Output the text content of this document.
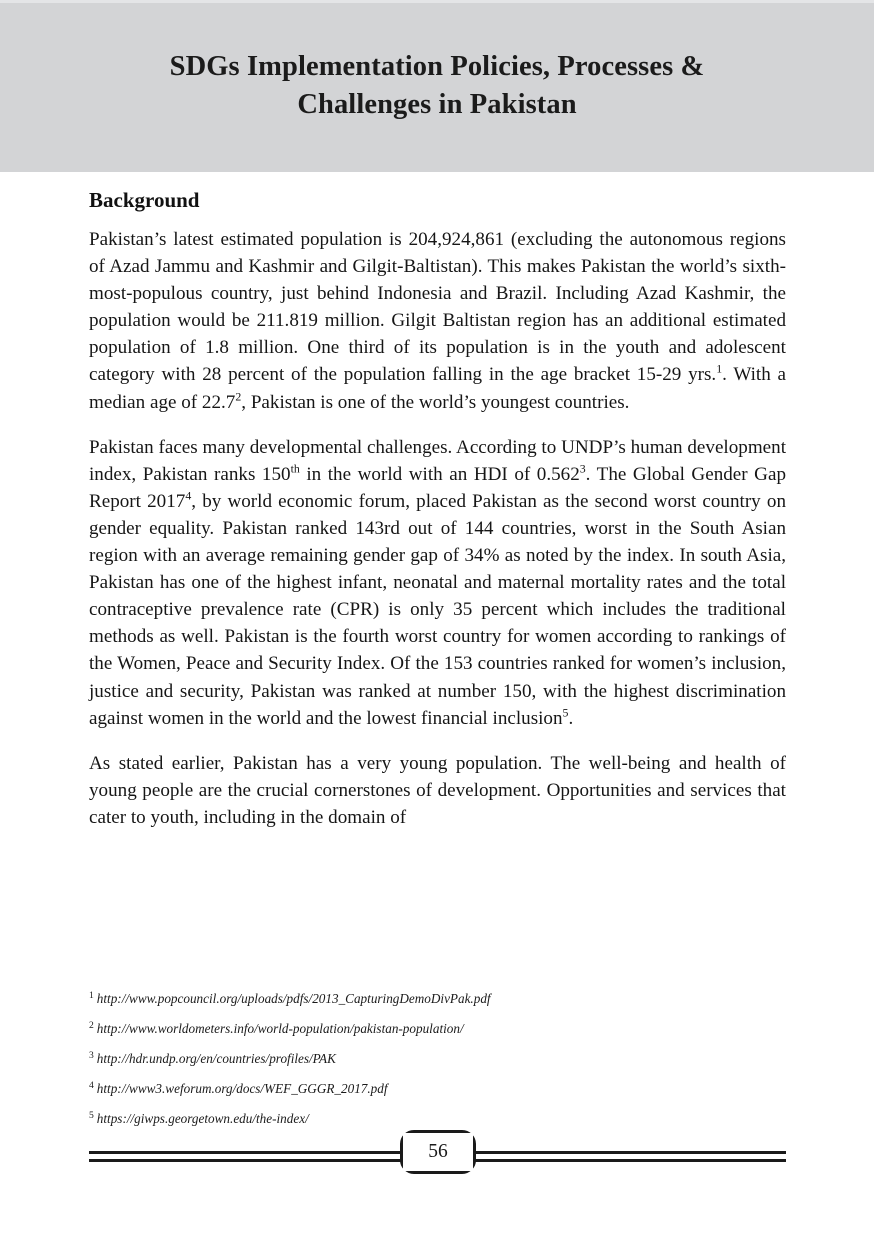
SDGs Implementation Policies, Processes &
Challenges in Pakistan
Background

Pakistan’s latest estimated population is 204,924,861 (excluding the autonomous regions of Azad Jammu and Kashmir and Gilgit-Baltistan). This makes Pakistan the world’s sixth-most-populous country, just behind Indonesia and Brazil. Including Azad Kashmir, the population would be 211.819 million. Gilgit Baltistan region has an additional estimated population of 1.8 million. One third of its population is in the youth and adolescent category with 28 percent of the population falling in the age bracket 15-29 yrs.$^1$. With a median age of 22.7$^2$, Pakistan is one of the world’s youngest countries.

Pakistan faces many developmental challenges. According to UNDP’s human development index, Pakistan ranks 150th in the world with an HDI of 0.562$^3$. The Global Gender Gap Report 2017$^4$, by world economic forum, placed Pakistan as the second worst country on gender equality. Pakistan ranked 143rd out of 144 countries, worst in the South Asian region with an average remaining gender gap of 34% as noted by the index. In south Asia, Pakistan has one of the highest infant, neonatal and maternal mortality rates and the total contraceptive prevalence rate (CPR) is only 35 percent which includes the traditional methods as well. Pakistan is the fourth worst country for women according to rankings of the Women, Peace and Security Index. Of the 153 countries ranked for women’s inclusion, justice and security, Pakistan was ranked at number 150, with the highest discrimination against women in the world and the lowest financial inclusion$^5$.

As stated earlier, Pakistan has a very young population. The well-being and health of young people are the crucial cornerstones of development. Opportunities and services that cater to youth, including in the domain of

$^1$ http://www.popcouncil.org/uploads/pdfs/2013_CapturingDemoDivPak.pdf

$^2$ http://www.worldometers.info/world-population/pakistan-population/

$^3$ http://hdr.undp.org/en/countries/profiles/PAK

$^4$ http://www3.weforum.org/docs/WEF_GGGR_2017.pdf

$^5$ https://giwps.georgetown.edu/the-index/

56
